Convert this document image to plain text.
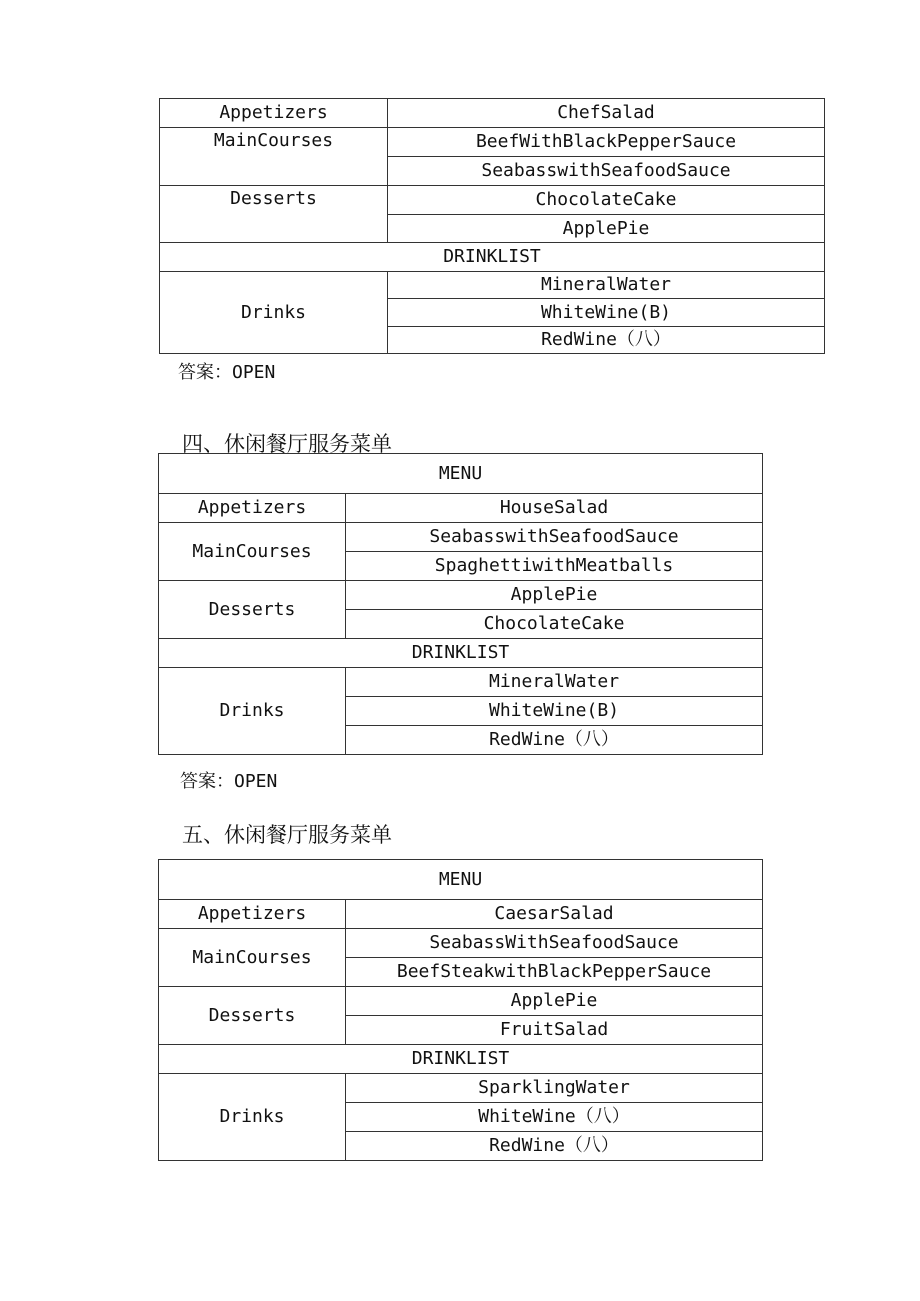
Appetizers	ChefSalad
MainCourses	BeefWithBlackPepperSauce
	SeabasswithSeafoodSauce
Desserts	ChocolateCake
	ApplePie
DRINKLIST	
Drinks	MineralWater
	WhiteWine(B)
	RedWine（八）
答案：OPEN
四、休闲餐厅服务菜单
MENU	
Appetizers	HouseSalad
MainCourses	SeabasswithSeafoodSauce
	SpaghettiwithMeatballs
Desserts	ApplePie
	ChocolateCake
DRINKLIST	
Drinks	MineralWater
	WhiteWine(B)
	RedWine（八）
答案：OPEN
五、休闲餐厅服务菜单
MENU	
Appetizers	CaesarSalad
MainCourses	SeabassWithSeafoodSauce
	BeefSteakwithBlackPepperSauce
Desserts	ApplePie
	FruitSalad
DRINKLIST	
Drinks	SparklingWater
	WhiteWine（八）
	RedWine（八）
